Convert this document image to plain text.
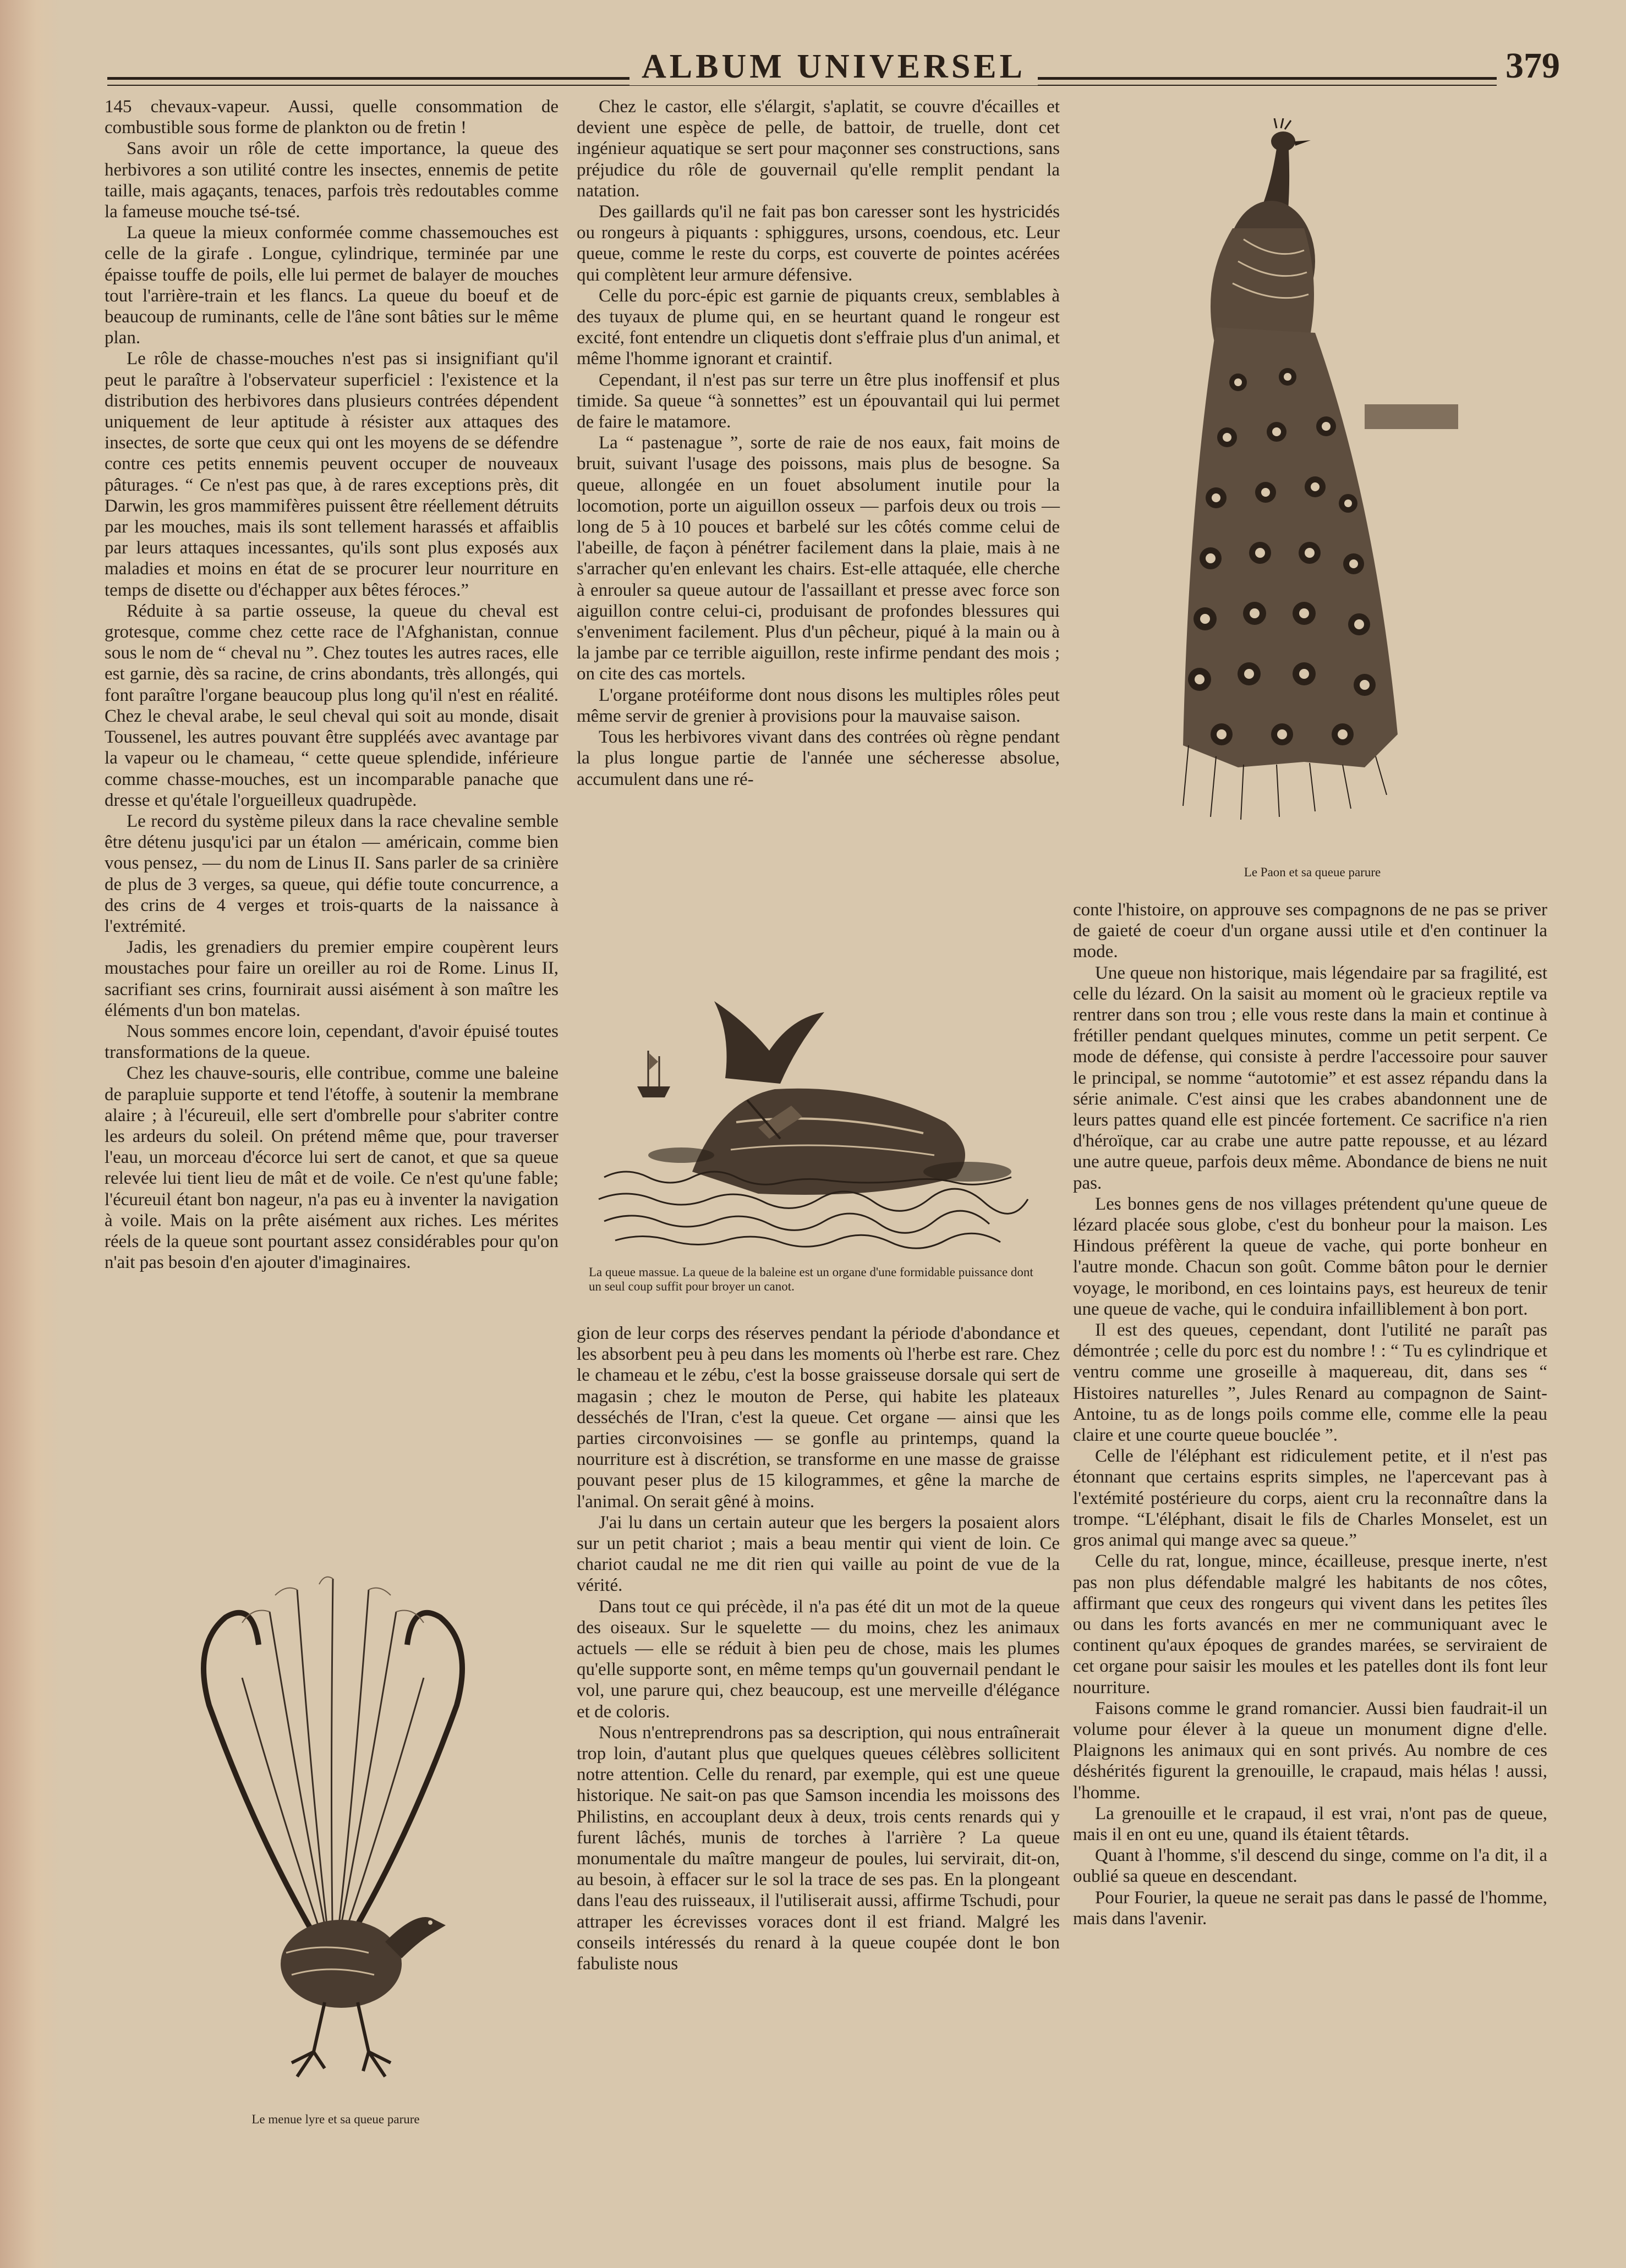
ALBUM UNIVERSEL	379

145 chevaux-vapeur. Aussi, quelle consommation de combustible sous forme de plankton ou de fretin !

Sans avoir un rôle de cette importance, la queue des herbivores a son utilité contre les insectes, ennemis de petite taille, mais agaçants, tenaces, parfois très redoutables comme la fameuse mouche tsé-tsé.

La queue la mieux conformée comme chassemouches est celle de la girafe . Longue, cylindrique, terminée par une épaisse touffe de poils, elle lui permet de balayer de mouches tout l'arrière-train et les flancs. La queue du boeuf et de beaucoup de ruminants, celle de l'âne sont bâties sur le même plan.

Le rôle de chasse-mouches n'est pas si insignifiant qu'il peut le paraître à l'observateur superficiel : l'existence et la distribution des herbivores dans plusieurs contrées dépendent uniquement de leur aptitude à résister aux attaques des insectes, de sorte que ceux qui ont les moyens de se défendre contre ces petits ennemis peuvent occuper de nouveaux pâturages. “ Ce n'est pas que, à de rares exceptions près, dit Darwin, les gros mammifères puissent être réellement détruits par les mouches, mais ils sont tellement harassés et affaiblis par leurs attaques incessantes, qu'ils sont plus exposés aux maladies et moins en état de se procurer leur nourriture en temps de disette ou d'échapper aux bêtes féroces.”

Réduite à sa partie osseuse, la queue du cheval est grotesque, comme chez cette race de l'Afghanistan, connue sous le nom de “ cheval nu ”. Chez toutes les autres races, elle est garnie, dès sa racine, de crins abondants, très allongés, qui font paraître l'organe beaucoup plus long qu'il n'est en réalité. Chez le cheval arabe, le seul cheval qui soit au monde, disait Toussenel, les autres pouvant être suppléés avec avantage par la vapeur ou le chameau, “ cette queue splendide, inférieure comme chasse-mouches, est un incomparable panache que dresse et qu'étale l'orgueilleux quadrupède.

Le record du système pileux dans la race chevaline semble être détenu jusqu'ici par un étalon — américain, comme bien vous pensez, — du nom de Linus II. Sans parler de sa crinière de plus de 3 verges, sa queue, qui défie toute concurrence, a des crins de 4 verges et trois-quarts de la naissance à l'extrémité.

Jadis, les grenadiers du premier empire coupèrent leurs moustaches pour faire un oreiller au roi de Rome. Linus II, sacrifiant ses crins, fournirait aussi aisément à son maître les éléments d'un bon matelas.

Nous sommes encore loin, cependant, d'avoir épuisé toutes transformations de la queue.

Chez les chauve-souris, elle contribue, comme une baleine de parapluie supporte et tend l'étoffe, à soutenir la membrane alaire ; à l'écureuil, elle sert d'ombrelle pour s'abriter contre les ardeurs du soleil. On prétend même que, pour traverser l'eau, un morceau d'écorce lui sert de canot, et que sa queue relevée lui tient lieu de mât et de voile. Ce n'est qu'une fable; l'écureuil étant bon nageur, n'a pas eu à inventer la navigation à voile. Mais on la prête aisément aux riches. Les mérites réels de la queue sont pourtant assez considérables pour qu'on n'ait pas besoin d'en ajouter d'imaginaires.

Chez le castor, elle s'élargit, s'aplatit, se couvre d'écailles et devient une espèce de pelle, de battoir, de truelle, dont cet ingénieur aquatique se sert pour maçonner ses constructions, sans préjudice du rôle de gouvernail qu'elle remplit pendant la natation.

Des gaillards qu'il ne fait pas bon caresser sont les hystricidés ou rongeurs à piquants : sphiggures, ursons, coendous, etc. Leur queue, comme le reste du corps, est couverte de pointes acérées qui complètent leur armure défensive.

Celle du porc-épic est garnie de piquants creux, semblables à des tuyaux de plume qui, en se heurtant quand le rongeur est excité, font entendre un cliquetis dont s'effraie plus d'un animal, et même l'homme ignorant et craintif.

Cependant, il n'est pas sur terre un être plus inoffensif et plus timide. Sa queue “à sonnettes” est un épouvantail qui lui permet de faire le matamore.

La “ pastenague ”, sorte de raie de nos eaux, fait moins de bruit, suivant l'usage des poissons, mais plus de besogne. Sa queue, allongée en un fouet absolument inutile pour la locomotion, porte un aiguillon osseux — parfois deux ou trois — long de 5 à 10 pouces et barbelé sur les côtés comme celui de l'abeille, de façon à pénétrer facilement dans la plaie, mais à ne s'arracher qu'en enlevant les chairs. Est-elle attaquée, elle cherche à enrouler sa queue autour de l'assaillant et presse avec force son aiguillon contre celui-ci, produisant de profondes blessures qui s'enveniment facilement. Plus d'un pêcheur, piqué à la main ou à la jambe par ce terrible aiguillon, reste infirme pendant des mois ; on cite des cas mortels.

L'organe protéiforme dont nous disons les multiples rôles peut même servir de grenier à provisions pour la mauvaise saison.

Tous les herbivores vivant dans des contrées où règne pendant la plus longue partie de l'année une sécheresse absolue, accumulent dans une ré-

gion de leur corps des réserves pendant la période d'abondance et les absorbent peu à peu dans les moments où l'herbe est rare. Chez le chameau et le zébu, c'est la bosse graisseuse dorsale qui sert de magasin ; chez le mouton de Perse, qui habite les plateaux desséchés de l'Iran, c'est la queue. Cet organe — ainsi que les parties circonvoisines — se gonfle au printemps, quand la nourriture est à discrétion, se transforme en une masse de graisse pouvant peser plus de 15 kilogrammes, et gêne la marche de l'animal. On serait gêné à moins.

J'ai lu dans un certain auteur que les bergers la posaient alors sur un petit chariot ; mais a beau mentir qui vient de loin. Ce chariot caudal ne me dit rien qui vaille au point de vue de la vérité.

Dans tout ce qui précède, il n'a pas été dit un mot de la queue des oiseaux. Sur le squelette — du moins, chez les animaux actuels — elle se réduit à bien peu de chose, mais les plumes qu'elle supporte sont, en même temps qu'un gouvernail pendant le vol, une parure qui, chez beaucoup, est une merveille d'élégance et de coloris.

Nous n'entreprendrons pas sa description, qui nous entraînerait trop loin, d'autant plus que quelques queues célèbres sollicitent notre attention. Celle du renard, par exemple, qui est une queue historique. Ne sait-on pas que Samson incendia les moissons des Philistins, en accouplant deux à deux, trois cents renards qui y furent lâchés, munis de torches à l'arrière ? La queue monumentale du maître mangeur de poules, lui servirait, dit-on, au besoin, à effacer sur le sol la trace de ses pas. En la plongeant dans l'eau des ruisseaux, il l'utiliserait aussi, affirme Tschudi, pour attraper les écrevisses voraces dont il est friand. Malgré les conseils intéressés du renard à la queue coupée dont le bon fabuliste nous

conte l'histoire, on approuve ses compagnons de ne pas se priver de gaieté de coeur d'un organe aussi utile et d'en continuer la mode.

Une queue non historique, mais légendaire par sa fragilité, est celle du lézard. On la saisit au moment où le gracieux reptile va rentrer dans son trou ; elle vous reste dans la main et continue à frétiller pendant quelques minutes, comme un petit serpent. Ce mode de défense, qui consiste à perdre l'accessoire pour sauver le principal, se nomme “autotomie” et est assez répandu dans la série animale. C'est ainsi que les crabes abandonnent une de leurs pattes quand elle est pincée fortement. Ce sacrifice n'a rien d'héroïque, car au crabe une autre patte repousse, et au lézard une autre queue, parfois deux même. Abondance de biens ne nuit pas.

Les bonnes gens de nos villages prétendent qu'une queue de lézard placée sous globe, c'est du bonheur pour la maison. Les Hindous préfèrent la queue de vache, qui porte bonheur en l'autre monde. Chacun son goût. Comme bâton pour le dernier voyage, le moribond, en ces lointains pays, est heureux de tenir une queue de vache, qui le conduira infailliblement à bon port.

Il est des queues, cependant, dont l'utilité ne paraît pas démontrée ; celle du porc est du nombre ! : “ Tu es cylindrique et ventru comme une groseille à maquereau, dit, dans ses “ Histoires naturelles ”, Jules Renard au compagnon de Saint-Antoine, tu as de longs poils comme elle, comme elle la peau claire et une courte queue bouclée ”.

Celle de l'éléphant est ridiculement petite, et il n'est pas étonnant que certains esprits simples, ne l'apercevant pas à l'extémité postérieure du corps, aient cru la reconnaître dans la trompe. “L'éléphant, disait le fils de Charles Monselet, est un gros animal qui mange avec sa queue.”

Celle du rat, longue, mince, écailleuse, presque inerte, n'est pas non plus défendable malgré les habitants de nos côtes, affirmant que ceux des rongeurs qui vivent dans les petites îles ou dans les forts avancés en mer ne communiquant avec le continent qu'aux époques de grandes marées, se serviraient de cet organe pour saisir les moules et les patelles dont ils font leur nourriture.

Faisons comme le grand romancier. Aussi bien faudrait-il un volume pour élever à la queue un monument digne d'elle. Plaignons les animaux qui en sont privés. Au nombre de ces déshérités figurent la grenouille, le crapaud, mais hélas ! aussi, l'homme.

La grenouille et le crapaud, il est vrai, n'ont pas de queue, mais il en ont eu une, quand ils étaient têtards.

Quant à l'homme, s'il descend du singe, comme on l'a dit, il a oublié sa queue en descendant.

Pour Fourier, la queue ne serait pas dans le passé de l'homme, mais dans l'avenir.

Le Paon et sa queue parure
La queue massue. La queue de la baleine est un organe d'une formidable puissance dont un seul coup suffit pour broyer un canot.
Le menue lyre et sa queue parure
